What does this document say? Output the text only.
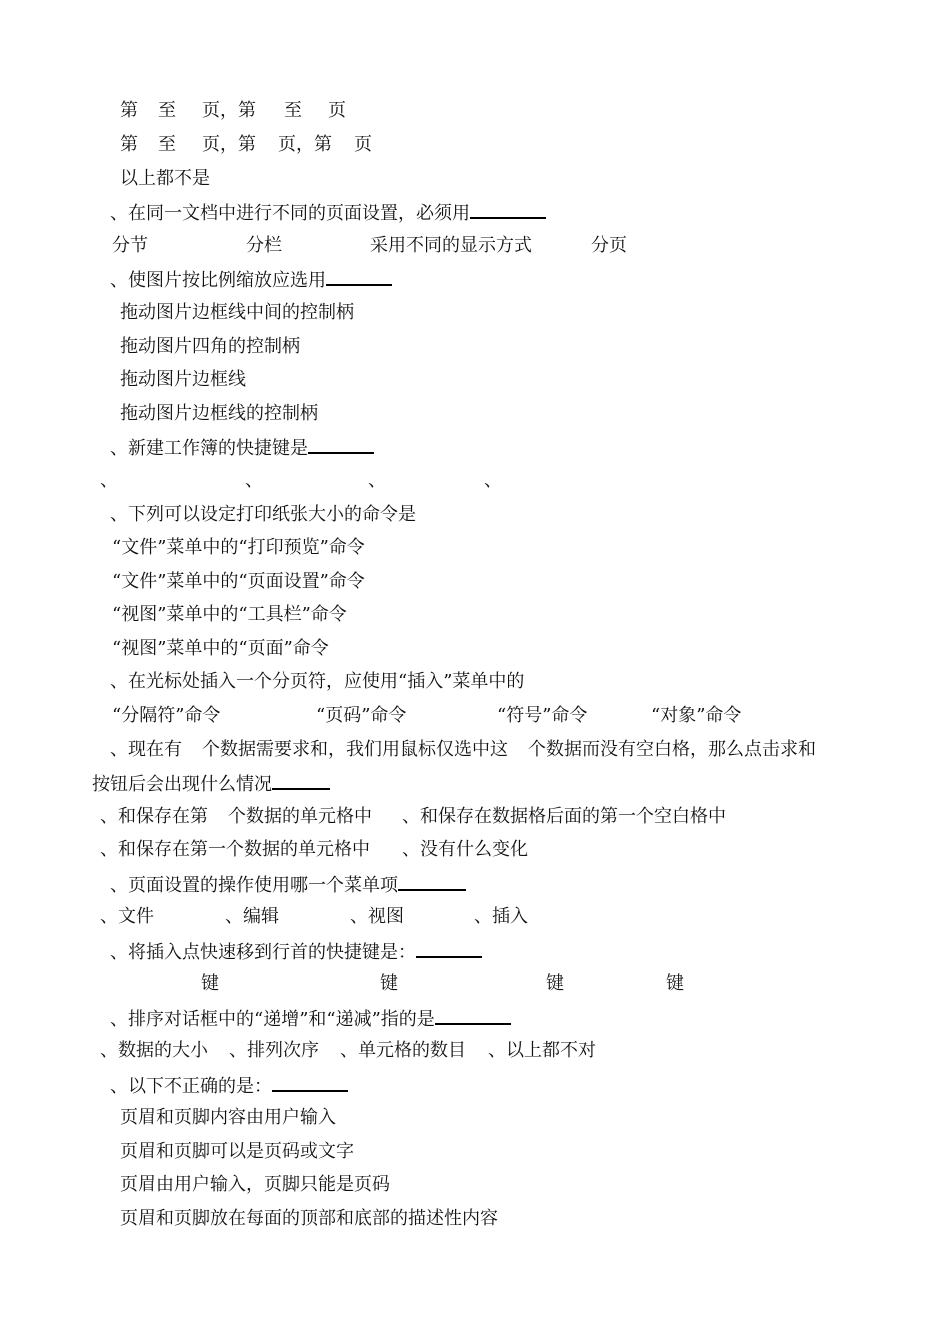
第 至 页，第 至 页
第 至 页，第 页，第 页
以上都不是
、在同一文档中进行不同的页面设置，必须用
分节	分栏	采用不同的显示方式	分页
、使图片按比例缩放应选用
拖动图片边框线中间的控制柄
拖动图片四角的控制柄
拖动图片边框线
拖动图片边框线的控制柄
、新建工作簿的快捷键是
、	、	、	、
、下列可以设定打印纸张大小的命令是
“文件”菜单中的“打印预览”命令
“文件”菜单中的“页面设置”命令
“视图”菜单中的“工具栏”命令
“视图”菜单中的“页面”命令
、在光标处插入一个分页符，应使用“插入”菜单中的
“分隔符”命令	“页码”命令	“符号”命令	“对象”命令
、现在有 个数据需要求和，我们用鼠标仅选中这 个数据而没有空白格，那么点击求和
按钮后会出现什么情况
、和保存在第 个数据的单元格中 、和保存在数据格后面的第一个空白格中
、和保存在第一个数据的单元格中 、没有什么变化
、页面设置的操作使用哪一个菜单项
、文件	、编辑	、视图	、插入
、将插入点快速移到行首的快捷键是：
键	键	键	键
、排序对话框中的“递增”和“递减”指的是
、数据的大小 、排列次序 、单元格的数目 、以上都不对
、以下不正确的是：
页眉和页脚内容由用户输入
页眉和页脚可以是页码或文字
页眉由用户输入，页脚只能是页码
页眉和页脚放在每面的顶部和底部的描述性内容
